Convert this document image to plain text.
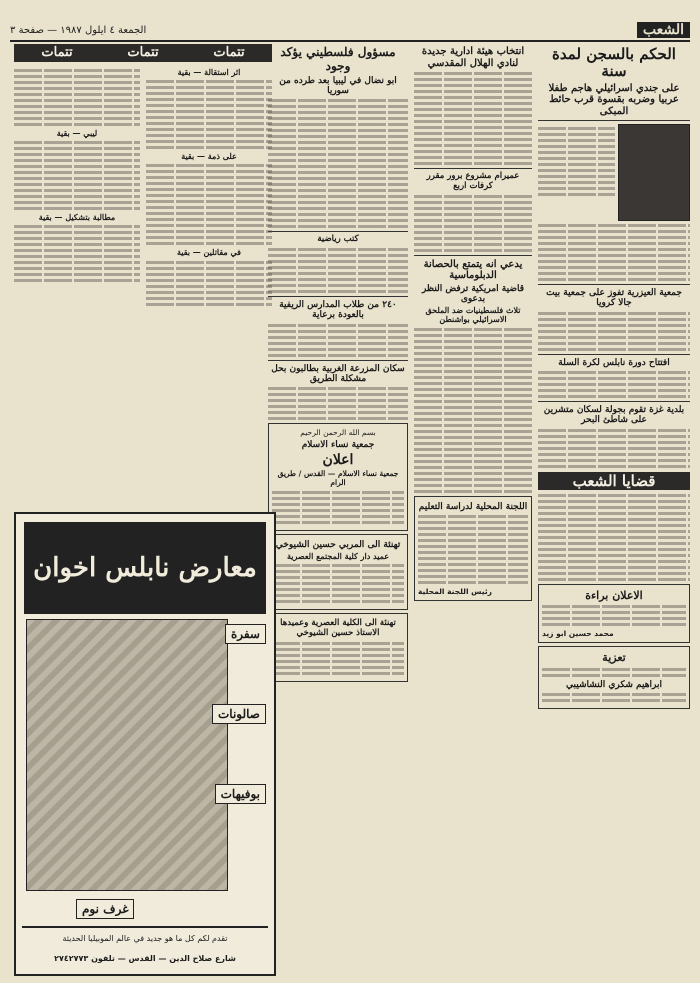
الشعب
الجمعة ٤ ايلول ١٩٨٧ — صفحة ٣
الحكم بالسجن لمدة سنة
على جندي اسرائيلي هاجم طفلا عربيا وضربه بقسوة قرب حائط المبكى
جمعية العيزرية تفوز على جمعية بيت جالا كرويا
افتتاح دورة نابلس لكرة السلة
بلدية غزة تقوم بجولة لسكان متشرين على شاطئ البحر
قضايا الشعب
الاعلان براءة
محمد حسين ابو زيد
تعزية
ابراهيم شكري النشاشيبي
انتخاب هيئة ادارية جديدة لنادي الهلال المقدسي
عميرام مشروع برور مقرر كرفات اربع
يدعي انه يتمتع بالحصانة الدبلوماسية
قاضية امريكية ترفض النظر بدعوى
تلاث فلسطينيات ضد الملحق الاسرائيلي بواشنطن
اللجنة المحلية لدراسة التعليم
رئيس اللجنة المحلية
مسؤول فلسطيني يؤكد وجود
ابو نضال في ليبيا بعد طرده من سوريا
كتب رياضية
٢٤٠ من طلاب المدارس الريفية بالعودة برعاية
سكان المزرعة الغربية بطالبون بحل مشكلة الطريق
بسم الله الرحمن الرحيم
جمعية نساء الاسلام
اعلان
جمعية نساء الاسلام — القدس / طريق الرام
تهنئة الى المربي حسين الشيوخي
عميد دار كلية المجتمع العصرية
تهنئة الى الكلية العصرية وعميدها الاستاذ حسين الشيوخي
تتمات
تتمات
تتمات
اثر استقالة — بقية
على ذمة — بقية
في مقاتلين — بقية
ليبي — بقية
مطالبة بتشكيل — بقية
معارض نابلس اخوان
سفرة
صالونات
بوفيهات
غرف نوم
تقدم لكم كل ما هو جديد في عالم الموبيليا الحديثة
شارع صلاح الدين — القدس — تلفون ٢٧٤٢٧٧٣
